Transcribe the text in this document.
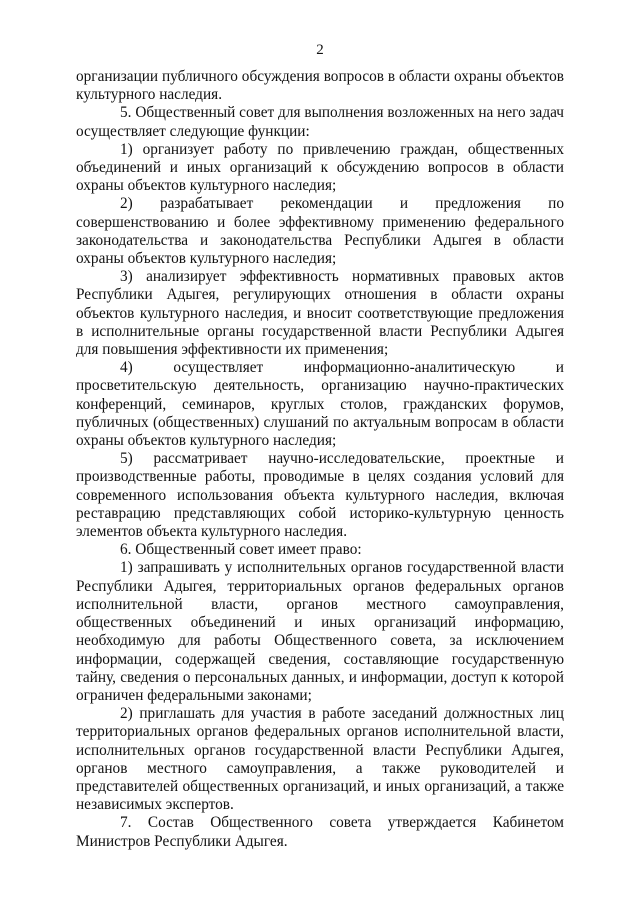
2

организации публичного обсуждения вопросов в области охраны объектов культурного наследия.

5. Общественный совет для выполнения возложенных на него задач осуществляет следующие функции:

1) организует работу по привлечению граждан, общественных объединений и иных организаций к обсуждению вопросов в области охраны объектов культурного наследия;

2) разрабатывает рекомендации и предложения по совершенствованию и более эффективному применению федерального законодательства и законодательства Республики Адыгея в области охраны объектов культурного наследия;

3) анализирует эффективность нормативных правовых актов Республики Адыгея, регулирующих отношения в области охраны объектов культурного наследия, и вносит соответствующие предложения в исполнительные органы государственной власти Республики Адыгея для повышения эффективности их применения;

4) осуществляет информационно-аналитическую и просветительскую деятельность, организацию научно-практических конференций, семинаров, круглых столов, гражданских форумов, публичных (общественных) слушаний по актуальным вопросам в области охраны объектов культурного наследия;

5) рассматривает научно-исследовательские, проектные и производственные работы, проводимые в целях создания условий для современного использования объекта культурного наследия, включая реставрацию представляющих собой историко-культурную ценность элементов объекта культурного наследия.

6. Общественный совет имеет право:

1) запрашивать у исполнительных органов государственной власти Республики Адыгея, территориальных органов федеральных органов исполнительной власти, органов местного самоуправления, общественных объединений и иных организаций информацию, необходимую для работы Общественного совета, за исключением информации, содержащей сведения, составляющие государственную тайну, сведения о персональных данных, и информации, доступ к которой ограничен федеральными законами;

2) приглашать для участия в работе заседаний должностных лиц территориальных органов федеральных органов исполнительной власти, исполнительных органов государственной власти Республики Адыгея, органов местного самоуправления, а также руководителей и представителей общественных организаций, и иных организаций, а также независимых экспертов.

7. Состав Общественного совета утверждается Кабинетом Министров Республики Адыгея.
